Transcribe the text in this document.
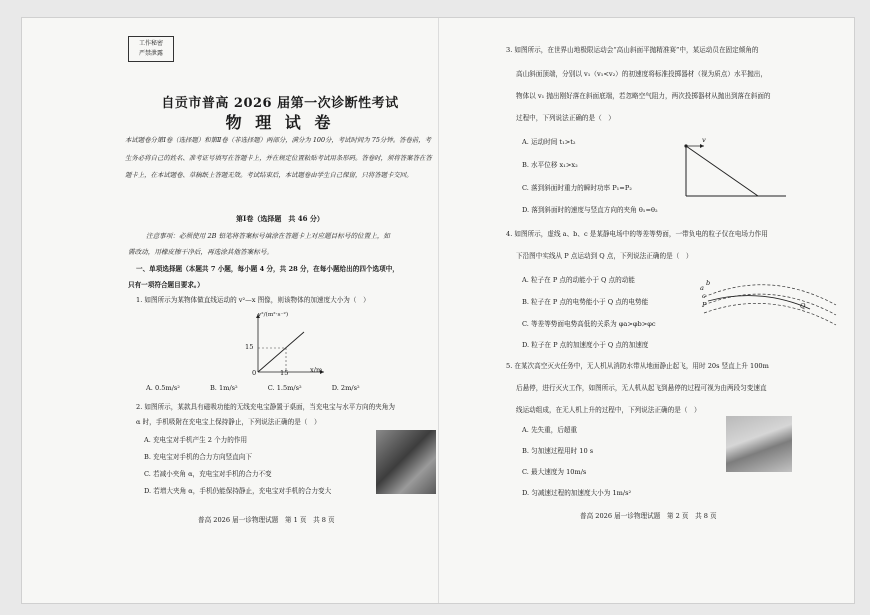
工作秘密
严禁泄露
自贡市普高 2026 届第一次诊断性考试
物 理 试 卷
本试题卷分第Ⅰ卷（选择题）和第Ⅱ卷（非选择题）两部分，满分为 100分，考试时间为 75分钟。答卷前，考生务必将自己的姓名、准考证号填写在答题卡上，并在规定位置粘贴考试用条形码。答卷时，须将答案答在答题卡上，在本试题卷、草稿纸上答题无效。考试结束后，本试题卷由学生自己保留，只将答题卡交回。
第Ⅰ卷（选择题　共 46 分）
注意事项：必须使用 2B 铅笔将答案标号填涂在答题卡上对应题目标号的位置上，如
需改动，用橡皮擦干净后，再选涂其他答案标号。
一、单项选择题（本题共 7 小题，每小题 4 分，共 28 分，在每小题给出的四个选项中，
只有一项符合题目要求。）
1. 如图所示为某物体做直线运动的 v²—x 图像，则该物体的加速度大小为（　）
v²/(m²·s⁻²)
15
0	15	x/m
A. 0.5m/s²	B. 1m/s²	C. 1.5m/s²	D. 2m/s²
2. 如图所示，某款具有磁吸功能的无线充电宝静置于桌面，当充电宝与水平方向的夹角为
α 时，手机吸附在充电宝上保持静止，下列说法正确的是（　）
A. 充电宝对手机产生 2 个力的作用
B. 充电宝对手机的合力方向竖直向下
C. 若减小夹角 α，充电宝对手机的合力不变
D. 若增大夹角 α，手机仍能保持静止，充电宝对手机的合力变大
普高 2026 届一诊物理试题　第 1 页　共 8 页
3. 如图所示，在世界山地极限运动会“高山斜面平抛精准赛”中，某运动员在固定倾角的
高山斜面顶端，分别以 v₁（v₁<v₂）的初速度将标准投掷器材（视为质点）水平抛出，
物体以 v₁ 抛出刚好落在斜面底端，若忽略空气阻力，两次投掷器材从抛出到落在斜面的
过程中，下列说法正确的是（　）
A. 运动时间 t₁>t₂
B. 水平位移 x₁>x₂
C. 落到斜面时重力的瞬时功率 P₁=P₂
D. 落到斜面时的速度与竖直方向的夹角 θ₁=θ₂
v
4. 如图所示，虚线 a、b、c 是某静电场中的等差等势面，一带负电的粒子仅在电场力作用
下沿图中实线从 P 点运动到 Q 点，下列说法正确的是（　）
A. 粒子在 P 点的动能小于 Q 点的动能
B. 粒子在 P 点的电势能小于 Q 点的电势能
C. 等差等势面电势高低的关系为 φa>φb>φc
D. 粒子在 P 点的加速度小于 Q 点的加速度
a
b
c
P	Q
5. 在某次高空灭火任务中，无人机从消防水带从地面静止起飞，用时 20s 竖直上升 100m
后悬停，进行灭火工作，如图所示，无人机从起飞到悬停的过程可视为由两段匀变速直
线运动组成，在无人机上升的过程中，下列说法正确的是（　）
A. 先失重，后超重
B. 匀加速过程用时 10 s
C. 最大速度为 10m/s
D. 匀减速过程的加速度大小为 1m/s²
普高 2026 届一诊物理试题　第 2 页　共 8 页
